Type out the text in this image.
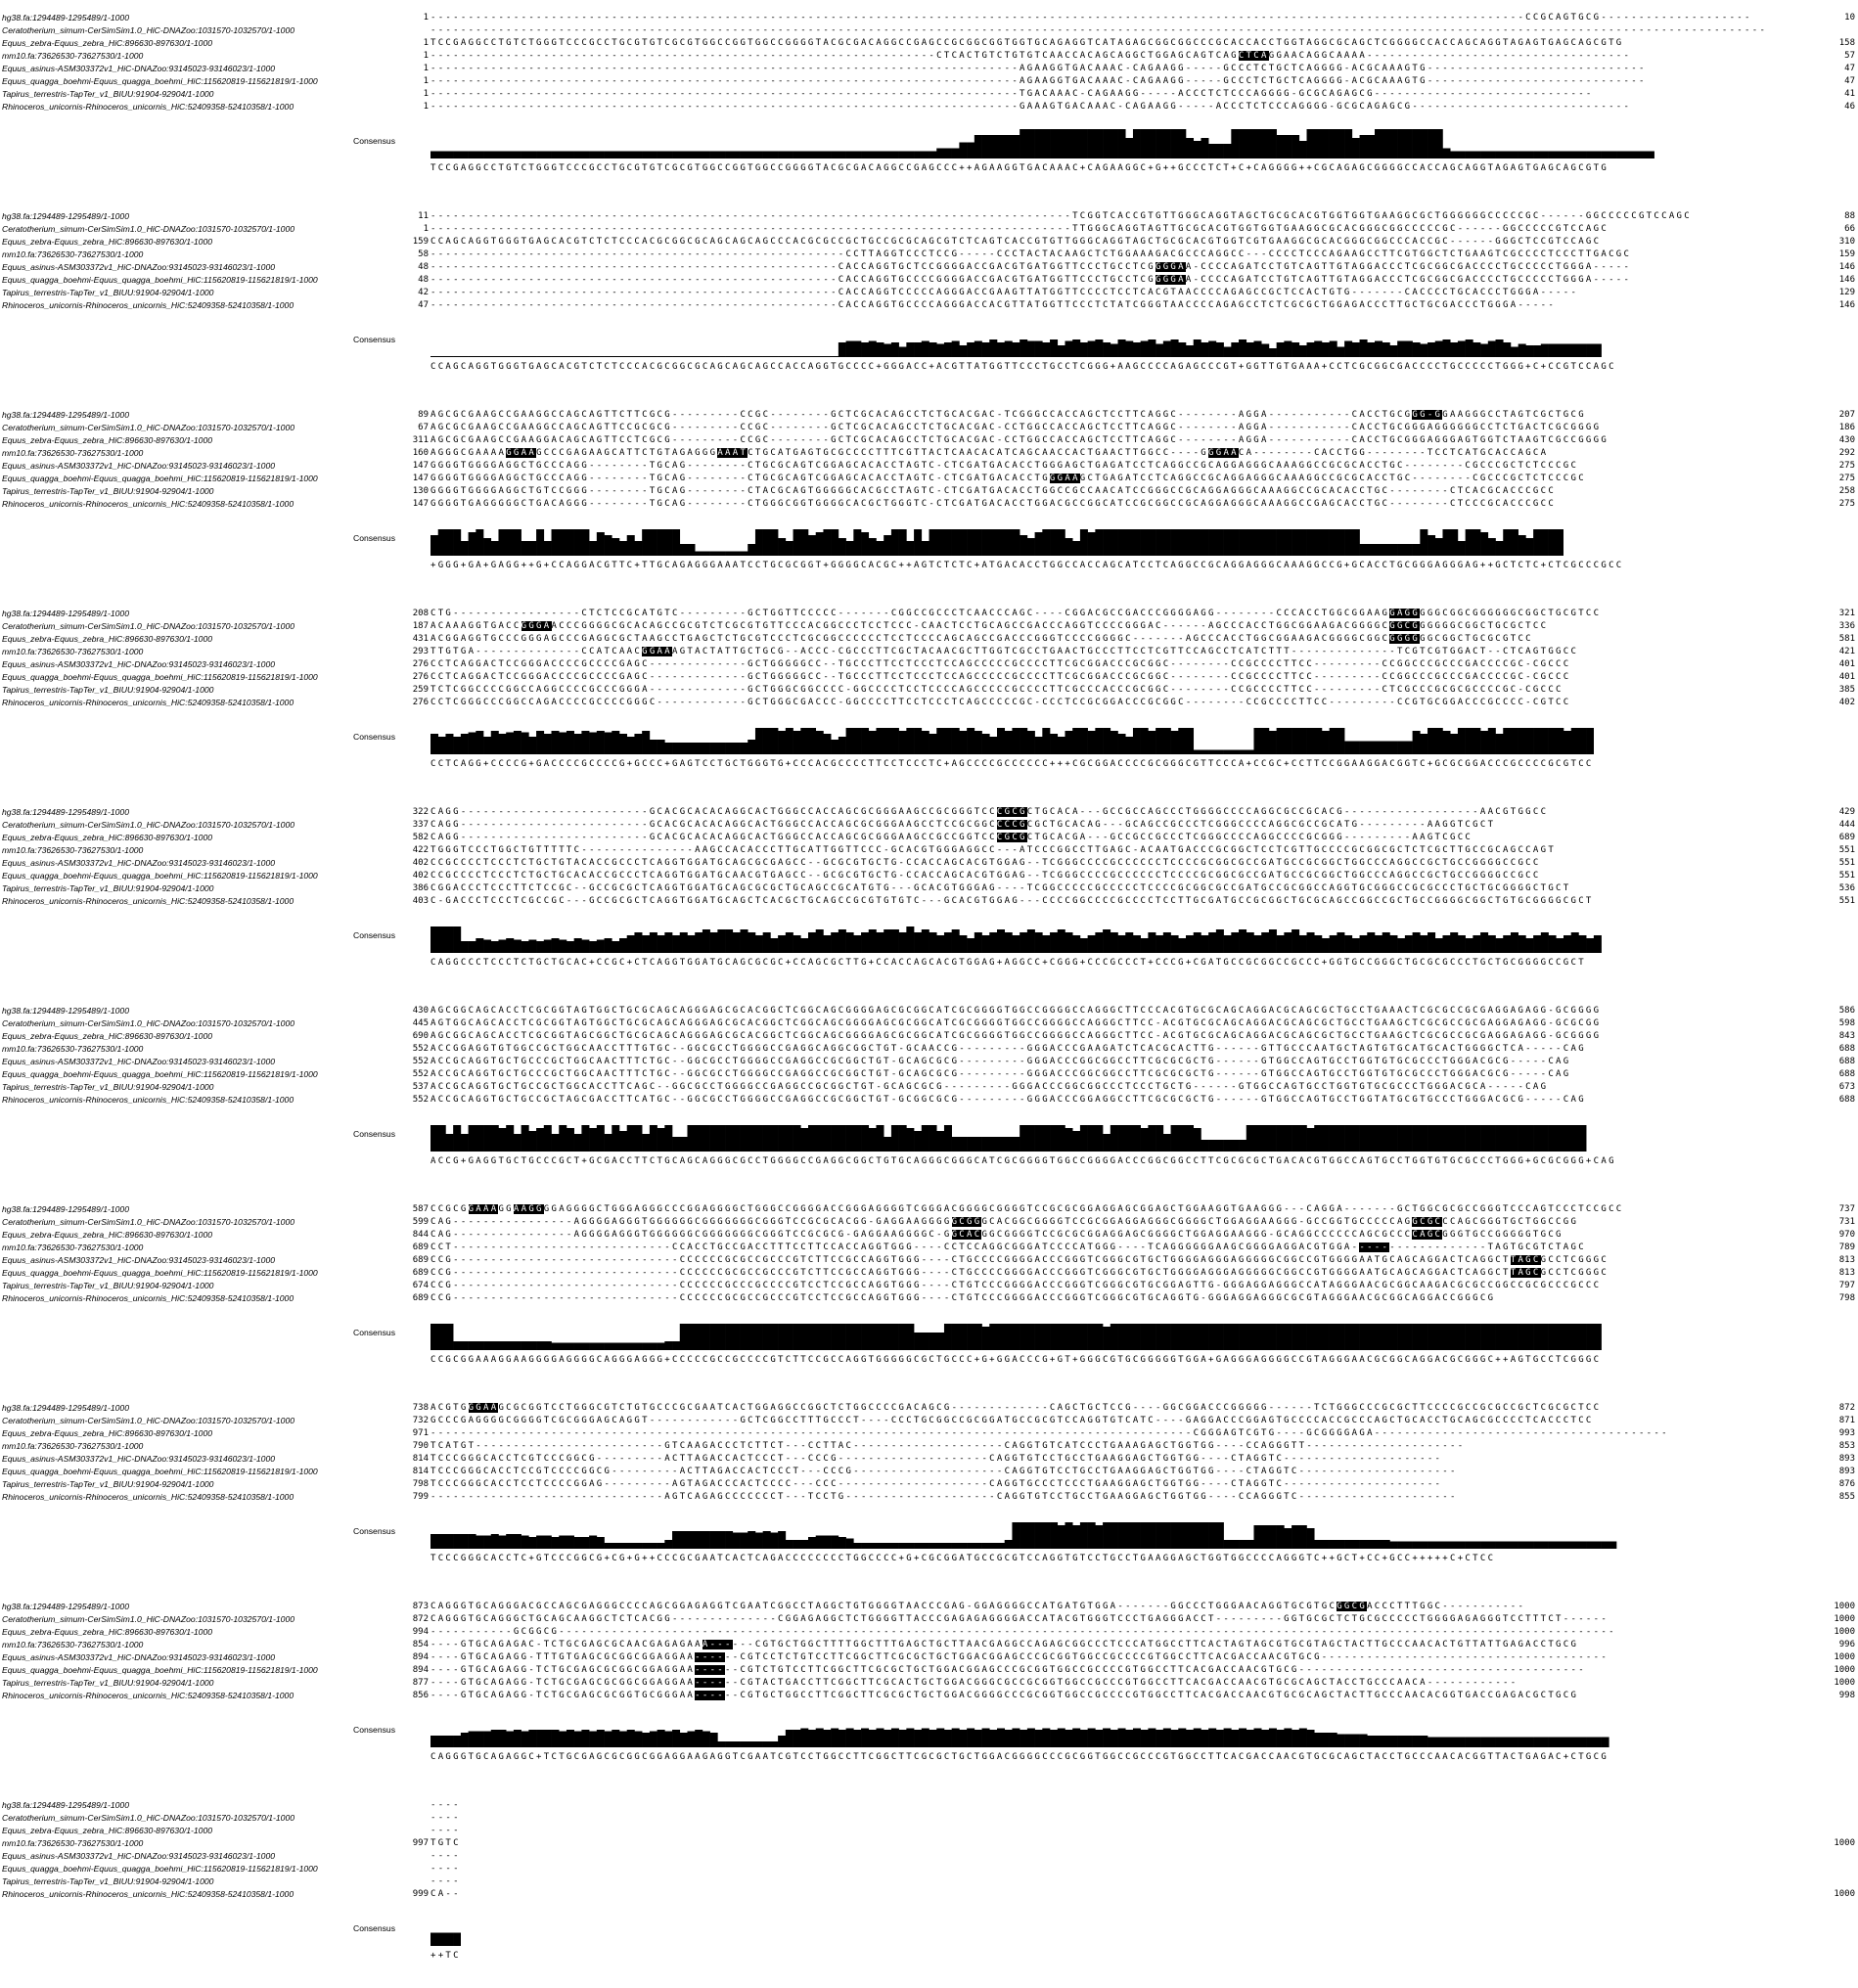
hg38.fa:1294489-1295489/1-1000	1 -------------------------------------------------------------------------------------------------------------------------------------------------CCGCAGTGCG--------------------	10
Ceratotherium_simum-CerSimSim1.0_HiC-DNAZoo:1031570-1032570/1-1000	---------------------------------------------------------------------------------------------------------------------------------------------------------------------------------
Equus_zebra-Equus_zebra_HiC:896630-897630/1-1000	1 TCCGAGGCCTGTCTGGGTCCCGCCTGCGTGTCGCGTGGCCGGTGGCCGGGGTACGCGACAGGCCGAGCCGCGGCGGTGGTGCAGAGGTCATAGAGCGGCGGCCCGCACCACCTGGTAGGCGCAGCTCGGGGCCACCAGCAGGTAGAGTGAGCAGCGTG	158
mm10.fa:73626530-73627530/1-1000	1 -------------------------------------------------------------------CTCACTGTCTGTGTCAACCACAGCAGGCTGGAGCAGTCAGCTCAGGAACAGGCAAAA-----------------------------------	57
Equus_asinus-ASM303372v1_HiC-DNAZoo:93145023-93146023/1-1000	1 ------------------------------------------------------------------------------AGAAGGTGACAAAC-CAGAAGG-----GCCCTCTGCTCAGGGG-ACGCAAAGTG-----------------------------	47
Equus_quagga_boehmi-Equus_quagga_boehmi_HiC:115620819-115621819/1-1000	1 ------------------------------------------------------------------------------AGAAGGTGACAAAC-CAGAAGG-----GCCCTCTGCTCAGGGG-ACGCAAAGTG-----------------------------	47
Tapirus_terrestris-TapTer_v1_BIUU:91904-92904/1-1000	1 ------------------------------------------------------------------------------TGACAAAC-CAGAAGG-----ACCCTCTCCCAGGGG-GCGCAGAGCG-----------------------------	41
Rhinoceros_unicornis-Rhinoceros_unicornis_HiC:52409358-52410358/1-1000	1 ------------------------------------------------------------------------------GAAAGTGACAAAC-CAGAAGG-----ACCCTCTCCCAGGGG-GCGCAGAGCG-----------------------------	46
Consensus
TCCGAGGCCTGTCTGGGTCCCGCCTGCGTGTCGCGTGGCCGGTGGCCGGGGTACGCGACAGGCCGAGCCC++AGAAGGTGACAAAC+CAGAAGGC+G++GCCCTCT+C+CAGGGG++CGCAGAGCGGGGCCACCAGCAGGTAGAGTGAGCAGCGTG
hg38.fa:1294489-1295489/1-1000	11 -------------------------------------------------------------------------------------TCGGTCACCGTGTTGGGCAGGTAGCTGCGCACGTGGTGGTGAAGGCGCTGGGGGGCCCCCGC------GGCCCCCGTCCAGC	88
Ceratotherium_simum-CerSimSim1.0_HiC-DNAZoo:1031570-1032570/1-1000	1 -------------------------------------------------------------------------------------TTGGGCAGGTAGTTGCGCACGTGGTGGTGAAGGCGCACGGGCGGCCCCCGC------GGCCCCCGTCCAGC	66
Equus_zebra-Equus_zebra_HiC:896630-897630/1-1000	159 CCAGCAGGTGGGTGAGCACGTCTCTCCCACGCGGCGCAGCAGCAGCCCACGCGCCGCTGCCGCGCAGCGTCTCAGTCACCGTGTTGGGCAGGTAGCTGCGCACGTGGTCGTGAAGGCGCACGGGCGGCCCACCGC------GGGCTCCGTCCAGC	310
mm10.fa:73626530-73627530/1-1000	58 -------------------------------------------------------CCTTAGGTCCCTCCG-----CCCTACTACAAGCTCTGGAAAGACGCCCAGGCC---CCCCTCCCAGAAGCCTTCGTGGCTCTGAAGTCGCCCCTCCCTTGACGC	159
Equus_asinus-ASM303372v1_HiC-DNAZoo:93145023-93146023/1-1000	48 ------------------------------------------------------CACCAGGTGCTCCGGGGACCGACGTGATGGTTCCCTGCCTCGGGGAA-CCCCAGATCCTGTCAGTTGTAGGACCCTCGCGGCGACCCCTGCCCCCTGGGA-----	146
Equus_quagga_boehmi-Equus_quagga_boehmi_HiC:115620819-115621819/1-1000	48 ------------------------------------------------------CACCAGGTGCCCCGGGGACCGACGTGATGGTTCCCTGCCTCGGGGAA-CCCCAGATCCTGTCAGTTGTAGGACCCTCGCGGCGACCCCTGCCCCCTGGGA-----	146
Tapirus_terrestris-TapTer_v1_BIUU:91904-92904/1-1000	42 ------------------------------------------------------CACCAGGTCCCCCAGGGACCGAAGTTATGGTTCCCCTCCTCACGTAACCCCAGAGCCGCTCCACTGTG-------CACCCCTGCACCCTGGGA-----	129
Rhinoceros_unicornis-Rhinoceros_unicornis_HiC:52409358-52410358/1-1000	47 ------------------------------------------------------CACCAGGTGCCCCAGGGACCACGTTATGGTTCCCTCTATCGGGTAACCCCAGAGCCTCTCGCGCTGGAGACCCTTGCTGCGACCCTGGGA-----	146
Consensus
CCAGCAGGTGGGTGAGCACGTCTCTCCCACGCGGCGCAGCAGCAGCCACCAGGTGCCCC+GGGACC+ACGTTATGGTTCCCTGCCTCGGG+AAGCCCCAGAGCCCGT+GGTTGTGAAA+CCTCGCGGCGACCCCTGCCCCCTGGG+C+CCGTCCAGC
hg38.fa:1294489-1295489/1-1000	89 AGCGCGAAGCCGAAGGCCAGCAGTTCTTCGCG---------CCGC--------GCTCGCACAGCCTCTGCACGAC-TCGGGCCACCAGCTCCTTCAGGC--------AGGA-----------CACCTGCGGG-GGAAGGGCCTAGTCGCTGCG	207
Ceratotherium_simum-CerSimSim1.0_HiC-DNAZoo:1031570-1032570/1-1000	67 AGCGCGAAGCCGAAGGCCAGCAGTTCCGCGCG---------CCGC--------GCTCGCACAGCCTCTGCACGAC-CCTGGCCACCAGCTCCTTCAGGC--------AGGA-----------CACCTGCGGGAGGGGGGCCTCTGACTCGCGGGG	186
Equus_zebra-Equus_zebra_HiC:896630-897630/1-1000	311 AGCGCGAAGCCGAAGGACAGCAGTTCCTCGCG---------CCGC--------GCTCGCACAGCCTCTGCACGAC-CCTGGCCACCAGCTCCTTCAGGC--------AGGA-----------CACCTGCGGGAGGGAGTGGTCTAAGTCGCCGGGG	430
mm10.fa:73626530-73627530/1-1000	160 AGGGCGAAAAGGAAGCCCGAGAAGCATTCTGTAGAGGGAAATCTGCATGAGTGCGCCCCTTTCGTTACTCAACACATCAGCAACCACTGAACTTGGCC----GGGAACA--------CACCTGG--------TCCTCATGCACCAGCA	292
Equus_asinus-ASM303372v1_HiC-DNAZoo:93145023-93146023/1-1000	147 GGGGTGGGGAGGCTGCCCAGG--------TGCAG--------CTGCGCAGTCGGAGCACACCTAGTC-CTCGATGACACCTGGGAGCTGAGATCCTCAGGCCGCAGGAGGGCAAAGGCCGCGCACCTGC--------CGCCCGCTCTCCCGC	275
Equus_quagga_boehmi-Equus_quagga_boehmi_HiC:115620819-115621819/1-1000	147 GGGGTGGGGAGGCTGCCCAGG--------TGCAG--------CTGCGCAGTCGGAGCACACCTAGTC-CTCGATGACACCTGGGAAGCTGAGATCCTCAGGCCGCAGGAGGGCAAAGGCCGCGCACCTGC--------CGCCCGCTCTCCCGC	275
Tapirus_terrestris-TapTer_v1_BIUU:91904-92904/1-1000	130 GGGGTGGGGAGGCTGTCCGGG--------TGCAG--------CTACGCAGTGGGGGCACGCCTAGTC-CTCGATGACACCTGGCCGCCAACATCCGGGCCGCAGGAGGGCAAAGGCCGCACACCTGC--------CTCACGCACCCGCC	258
Rhinoceros_unicornis-Rhinoceros_unicornis_HiC:52409358-52410358/1-1000	147 GGGGTGAGGGGGCTGACAGGG--------TGCAG--------CTGGGCGGTGGGGCACGCTGGGTC-CTCGATGACACCTGGACGCCGGCATCCGCGGCCGCAGGAGGGCAAAGGCCGAGCACCTGC--------CTCCCGCACCCGCC	275
Consensus
+GGG+GA+GAGG++G+CCAGGACGTTC+TTGCAGAGGGAAATCCTGCGCGGT+GGGGCACGC++AGTCTCTC+ATGACACCTGGCCACCAGCATCCTCAGGCCGCAGGAGGGCAAAGGCCG+GCACCTGCGGGAGGGAG++GCTCTC+CTCGCCCGCC
hg38.fa:1294489-1295489/1-1000	208 CTG-----------------CTCTCCGCATGTC---------GCTGGTTCCCCC-------CGGCCGCCCTCAACCCAGC----CGGACGCCGACCCGGGGAGG--------CCCACCTGGCGGAAGGAGGGGGCGGCGGGGGGCGGCTGCGTCC	321
Ceratotherium_simum-CerSimSim1.0_HiC-DNAZoo:1031570-1032570/1-1000	187 ACAAAGGTGACCGGGAACCCGGGGCGCACAGCCGCGTCTCGCGTGTTCCCACGGCCCTCCTCCC-CAACTCCTGCAGCCGACCCAGGTCCCCGGGAC------AGCCCACCTGGCGGAAGACGGGGCGGCGGGGGGCGGCTGCGCTCC	336
Equus_zebra-Equus_zebra_HiC:896630-897630/1-1000	431 ACGGAGGTGCCCGGGAGCCCGAGGCGCTAAGCCTGAGCTCTGCGTCCCTCGCGGCCCCCCTCCTCCCCAGCAGCCGACCCGGGTCCCCGGGGC-------AGCCCACCTGGCGGAAGACGGGGCGGCGGGGGGCGGCTGCGCGTCC	581
mm10.fa:73626530-73627530/1-1000	293 TTGTGA--------------CCATCAACGGAAAGTACTATTGCTGCG--ACCC-CGCCCTTCGCTACAACGCTTGGTCGCCTGAACTGCCCTTCCTCGTTCCAGCCTCATCTTT--------------TCGTCGTGGACT--CTCAGTGGCC	421
Equus_asinus-ASM303372v1_HiC-DNAZoo:93145023-93146023/1-1000	276 CCTCAGGACTCCGGGACCCCGCCCCGAGC-------------GCTGGGGGCC--TGCCCTTCCTCCCTCCAGCCCCCGCCCCTTCGCGGACCCGCGGC--------CCGCCCCTTCC---------CCGGCCCGCCCGACCCCGC-CGCCC	401
Equus_quagga_boehmi-Equus_quagga_boehmi_HiC:115620819-115621819/1-1000	276 CCTCAGGACTCCGGGACCCCGCCCCGAGC-------------GCTGGGGGCC--TGCCCTTCCTCCCTCCAGCCCCCGCCCCTTCGCGGACCCGCGGC--------CCGCCCCTTCC---------CCGGCCCGCCCGACCCCGC-CGCCC	401
Tapirus_terrestris-TapTer_v1_BIUU:91904-92904/1-1000	259 TCTCGGCCCCGGCCAGGCCCCGCCCGGGA-------------GCTGGGCGGCCCC-GGCCCCTCCTCCCCAGCCCCCGCCCCTTCGCCCACCCGCGGC--------CCGCCCCTTCC---------CTCGCCCGCGCGCCCCGC-CGCCC	385
Rhinoceros_unicornis-Rhinoceros_unicornis_HiC:52409358-52410358/1-1000	276 CCTCGGGCCCGGCCAGACCCCGCCCCGGGC------------GCTGGGCGACCC-GGCCCCTTCCTCCCTCAGCCCCCGC-CCCTCCGCGGACCCGCGGC--------CCGCCCCTTCC---------CCGTGCGGACCCGCCCC-CGTCC	402
Consensus
CCTCAGG+CCCCG+GACCCCGCCCCG+GCCC+GAGTCCTGCTGGGTG+CCCACGCCCCTTCCTCCCTC+AGCCCCGCCCCCC+++CGCGGACCCCGCGGGCGTTCCCA+CCGC+CCTTCCGGAAGGACGGTC+GCGCGGACCCGCCCCGCGTCC
hg38.fa:1294489-1295489/1-1000	322 CAGG-------------------------GCACGCACACAGGCACTGGGCCACCAGCGCGGGAAGCCGCGGGTCCCGCGCTGCACA---GCCGCCAGCCCTGGGGCCCCAGGCGCCGCACG------------------AACGTGGCC	429
Ceratotherium_simum-CerSimSim1.0_HiC-DNAZoo:1031570-1032570/1-1000	337 CAGG-------------------------GCACGCACACAGGCACTGGGCCACCAGCGCGGGAAGCCTCCGCGGCCCCGCGCTGCACAG---GCAGCCGCCCTCGGGCCCCAGGCGCCGCATG---------AAGGTCGCT	444
Equus_zebra-Equus_zebra_HiC:896630-897630/1-1000	582 CAGG-------------------------GCACGCACACAGGCACTGGGCCACCAGCGCGGGAAGCCGCCGGTCCCGCGCTGCACGA---GCCGCCGCCCTCGGGCCCCAGGCCCCGCGGG---------AAGTCGCC	689
mm10.fa:73626530-73627530/1-1000	422 TGGGTCCCTGGCTGTTTTTC---------------AAGCCACACCCTTGCATTGGTTCCC-GCACGTGGGAGGCC---ATCCCGGCCTTGAGC-ACAATGACCCGCGGCTCCTCGTTGCCCCGCGGCGCTCTCGCTTGCCGCAGCCAGT	551
Equus_asinus-ASM303372v1_HiC-DNAZoo:93145023-93146023/1-1000	402 CCGCCCCTCCCTCTGCTGTACACCGCCCTCAGGTGGATGCAGCGCGAGCC--GCGCGTGCTG-CCACCAGCACGTGGAG--TCGGGCCCCGCCCCCCTCCCCGCGGCGCCGATGCCGCGGCTGGCCCAGGCCGCTGCCGGGGCCGCC	551
Equus_quagga_boehmi-Equus_quagga_boehmi_HiC:115620819-115621819/1-1000	402 CCGCCCCTCCCTCTGCTGCACACCGCCCTCAGGTGGATGCAACGTGAGCC--GCGCGTGCTG-CCACCAGCACGTGGAG--TCGGGCCCCGCCCCCCTCCCCGCGGCGCCGATGCCGCGGCTGGCCCAGGCCGCTGCCGGGGCCGCC	551
Tapirus_terrestris-TapTer_v1_BIUU:91904-92904/1-1000	386 CGGACCCTCCCTTCTCCGC--GCCGCGCTCAGGTGGATGCAGCGCGCTGCAGCCGCATGTG---GCACGTGGGAG----TCGGCCCCCGCCCCCTCCCCGCGGCGCCGATGCCGCGGCCAGGTGCGGGCCGCGCCCTGCTGCGGGGCTGCT	536
Rhinoceros_unicornis-Rhinoceros_unicornis_HiC:52409358-52410358/1-1000	403 C-GACCCTCCCTCGCCGC---GCCGCGCTCAGGTGGATGCAGCTCACGCTGCAGCCGCGTGTGTC---GCACGTGGAG---CCCCGGCCCCGCCCCTCCTTGCGATGCCGCGGCTGCGCAGCCGGCCGCTGCCGGGGCGGCTGTGCGGGGCGCT	551
Consensus
CAGGCCCTCCCTCTGCTGCAC+CCGC+CTCAGGTGGATGCAGCGCGC+CCAGCGCTTG+CCACCAGCACGTGGAG+AGGCC+CGGG+CCCGCCCT+CCCG+CGATGCCGCGGCCGCCC+GGTGCCGGGCTGCGCGCCCTGCTGCGGGGCCGCT
hg38.fa:1294489-1295489/1-1000	430 AGCGGCAGCACCTCGCGGTAGTGGCTGCGCAGCAGGGAGCGCACGGCTCGGCAGCGGGGAGCGCGGCATCGCGGGGTGGCCGGGGCCAGGGCTTCCCACGTGCGCAGCAGGACGCAGCGCTGCCTGAAACTCGCGCCGCGAGGAGAGG-GCGGGG	586
Ceratotherium_simum-CerSimSim1.0_HiC-DNAZoo:1031570-1032570/1-1000	445 AGTGGCAGCACCTCGCGGTAGTGGCTGCGCAGCAGGGAGCGCACGGCTCGGCAGCGGGGAGCGCGGCATCGCGGGGTGGCCGGGGCCAGGGCTTCC-ACGTGCGCAGCAGGACGCAGCGCTGCCTGAAGCTCGCGCCGCGAGGAGAGG-GCGCGG	598
Equus_zebra-Equus_zebra_HiC:896630-897630/1-1000	690 AGCGGCAGCACCTCGCGGTAGCGGCTGCGCAGCAGGGAGCGCACGGCTCGGCAGCGGGGAGCGCGGCATCGCGGGGTGGCCGGGGCCAGGGCTTCC-ACGTGCGCAGCAGGACGCAGCGCTGCCTGAAGCTCGCGCCGCGAGGAGAGG-GCGGGG	843
mm10.fa:73626530-73627530/1-1000	552 ACCGGAGGTGTGGCCGCTGGCAACCTTTGTGC--GGCGCCTGGGGCCGAGGCAGGCGGCTGT-GCAACCG---------GGGACCCGAAGATCTCACGCACTTG------GTTGCCCAATGCTAGTGTGCATGCACTGGGGCTCA-----CAG	688
Equus_asinus-ASM303372v1_HiC-DNAZoo:93145023-93146023/1-1000	552 ACCGCAGGTGCTGCCCGCTGGCAACTTTCTGC--GGCGCCTGGGGCCGAGGCCGCGGCTGT-GCAGCGCG---------GGGACCCGGCGGCCTTCGCGCGCTG------GTGGCCAGTGCCTGGTGTGCGCCCTGGGACGCG-----CAG	688
Equus_quagga_boehmi-Equus_quagga_boehmi_HiC:115620819-115621819/1-1000	552 ACCGCAGGTGCTGCCCGCTGGCAACTTTCTGC--GGCGCCTGGGGCCGAGGCCGCGGCTGT-GCAGCGCG---------GGGACCCGGCGGCCTTCGCGCGCTG------GTGGCCAGTGCCTGGTGTGCGCCCTGGGACGCG-----CAG	688
Tapirus_terrestris-TapTer_v1_BIUU:91904-92904/1-1000	537 ACCGCAGGTGCTGCCGCTGGCACCTTCAGC--GGCGCCTGGGGCCGAGGCCGCGGCTGT-GCAGCGCG---------GGGACCCGGCGGCCCTCCCTGCTG------GTGGCCAGTGCCTGGTGTGCGCCCTGGGACGCA-----CAG	673
Rhinoceros_unicornis-Rhinoceros_unicornis_HiC:52409358-52410358/1-1000	552 ACCGCAGGTGCTGCCGCTAGCGACCTTCATGC--GGCGCCTGGGGCCGAGGCCGCGGCTGT-GCGGCGCG---------GGGACCCGGAGGCCTTCGCGCGCTG------GTGGCCAGTGCCTGGTATGCGTGCCCTGGGACGCG-----CAG	688
Consensus
ACCG+GAGGTGCTGCCCGCT+GCGACCTTCTGCAGCAGGGCGCCTGGGGCCGAGGCGGCTGTGCAGGGCGGGCATCGCGGGGTGGCCGGGGACCCGGCGGCCTTCGCGCGCTGACACGTGGCCAGTGCCTGGTGTGCGCCCTGGG+GCGCGGG+CAG
hg38.fa:1294489-1295489/1-1000	587 CCGCGGAAAGGAAGGGGAGGGGCTGGGAGGGCCCGGAGGGGCTGGGCCGGGGACCGGGAGGGGTCGGGACGGGGCGGGGTCCGCGCGGAGGAGCGGAGCTGGAAGGTGAAGGG---CAGGA-------GCTGGCGCGCCGGGTCCCAGTCCCTCCGCC	737
Ceratotherium_simum-CerSimSim1.0_HiC-DNAZoo:1031570-1032570/1-1000	599 CAG----------------AGGGGAGGGTGGGGGGCGGGGGGGCGGGTCCGCGCACGG-GAGGAAGGGGGCGGGCACGGCGGGGTCCGCGGAGGAGGGCGGGGCTGGAGGAAGGG-GCCGGTGCCCCCAGGCGCCCAGCGGGTGCTGGCCGG	731
Equus_zebra-Equus_zebra_HiC:896630-897630/1-1000	844 CAG----------------AGGGGAGGGTGGGGGGCGGGGGGGCGGGTCCGCGCG-GAGGAAGGGGC-GGCACGGCGGGGTCCGCGCGGAGGAGCGGGGCTGGAGGAAGGG-GCAGGCCCCCCAGCGCCCCAGCGGGTGCCGGGGGTGCG	970
mm10.fa:73626530-73627530/1-1000	689 CCT-----------------------------CCACCTGCCGACCTTTCCTTCCACCAGGTGGG----CCTCCAGGCGGGATCCCCATGGG----TCAGGGGGGAAGCGGGGAGGACGTGGA------------------TAGTGCGTCTAGC	789
Equus_asinus-ASM303372v1_HiC-DNAZoo:93145023-93146023/1-1000	689 CCG------------------------------CCCCCCGCGCCGCCCGTCTTCCGCCAGGTGGG----CTGCCCCGGGGACCCGGGTCGGGCGTGCTGGGGAGGGAGGGGGCGGCCGTGGGGAATGCAGCAGGACTCAGGCTTAGCGCCTCGGGC	813
Equus_quagga_boehmi-Equus_quagga_boehmi_HiC:115620819-115621819/1-1000	689 CCG------------------------------CCCCCCGCGCCGCCCGTCTTCCGCCAGGTGGG----CTGCCCCGGGGACCCGGGTCGGGCGTGCTGGGGAGGGAGGGGGCGGCCGTGGGGAATGCAGCAGGACTCAGGCTTAGCGCCTCGGGC	813
Tapirus_terrestris-TapTer_v1_BIUU:91904-92904/1-1000	674 CCG------------------------------CCCCCCGCCCGCCCCGTCCTCCGCCAGGTGGG----CTGTCCCGGGGACCCGGGTCGGGCGTGCGGAGTTG-GGGAGGAGGGCCATAGGGAACGCGGCAAGACGCGCCGGCCGCGCCCGCCC	797
Rhinoceros_unicornis-Rhinoceros_unicornis_HiC:52409358-52410358/1-1000	689 CCG------------------------------CCCCCCGCGCCGCCCGTCCTCCGCCAGGTGGG----CTGTCCCGGGGACCCGGGTCGGGCGTGCAGGTG-GGGAGGAGGGCGCGTAGGGAACGCGGCAGGACCGGGCG	798
Consensus
CCGCGGAAAGGAAGGGGAGGGGCAGGGAGGG+CCCCCGCCGCCCCGTCTTCCGCCAGGTGGGGGCGCTGCCC+G+GGACCCG+GT+GGGCGTGCGGGGGTGGA+GAGGGAGGGGCCGTAGGGAACGCGGCAGGACGCGGGC++AGTGCCTCGGGC
hg38.fa:1294489-1295489/1-1000	738 ACGTGGGAAGCGCGGTCCTGGGCGTCTGTGCCCGCGAATCACTGGAGGCCGGCTCTGGCCCCGACAGCG-------------CAGCTGCTCCG----GGCGGACCCGGGGG------TCTGGGCCCGCGCTTCCCCGCCGCGCCGCTCGCGCTCC	872
Ceratotherium_simum-CerSimSim1.0_HiC-DNAZoo:1031570-1032570/1-1000	732 GCCCGAGGGGCGGGGTCGCGGGAGCAGGT------------GCTCGGCCTTTGCCCT----CCCTGCGGCCGCGGATGCCGCGTCCAGGTGTCATC----GAGGACCCGGAGTGCCCCACCGCCCAGCTGCACCTGCAGCGCCCCTCACCCTCC	871
Equus_zebra-Equus_zebra_HiC:896630-897630/1-1000	971 -----------------------------------------------------------------------------------------------------CGGGAGTCGTG----GCGGGGAGA---------------------------------------	993
mm10.fa:73626530-73627530/1-1000	790 TCATGT-------------------------GTCAAGACCCTCTTCT---CCTTAC--------------------CAGGTGTCATCCCTGAAAGAGCTGGTGG----CCAGGGTT---------------------	853
Equus_asinus-ASM303372v1_HiC-DNAZoo:93145023-93146023/1-1000	814 TCCCGGGCACCTCGTCCCGGCG---------ACTTAGACCACTCCCT---CCCG--------------------CAGGTGTCCTGCCTGAAGGAGCTGGTGG----CTAGGTC---------------------	893
Equus_quagga_boehmi-Equus_quagga_boehmi_HiC:115620819-115621819/1-1000	814 TCCCGGGCACCTCCGTCCCCGGCG---------ACTTAGACCACTCCCT---CCCG--------------------CAGGTGTCCTGCCTGAAGGAGCTGGTGG----CTAGGTC---------------------	893
Tapirus_terrestris-TapTer_v1_BIUU:91904-92904/1-1000	798 TCCCGGGCACCTCCTCCCCGGAG---------AGTAGACCCACTCCCC---CCC--------------------CAGGTGCCCTCCCTGAAGGAGCTGGTGG----CTAGGTC---------------------	876
Rhinoceros_unicornis-Rhinoceros_unicornis_HiC:52409358-52410358/1-1000	799 -------------------------------AGTCAGAGCCCCCCCT---TCCTG--------------------CAGGTGTCCTGCCTGAAGGAGCTGGTGG----CCAGGGTC---------------------	855
Consensus
TCCCGGGCACCTC+GTCCCGGCG+CG+G++CCCGCGAATCACTCAGACCCCCCCCTGGCCCC+G+CGCGGATGCCGCGTCCAGGTGTCCTGCCTGAAGGAGCTGGTGGCCCCAGGGTC++GCT+CC+GCC+++++C+CTCC
hg38.fa:1294489-1295489/1-1000	873 CAGGGTGCAGGGACGCCAGCGAGGGCCCCAGCGGAGAGGTCGAATCGGCCTAGGCTGTGGGGTAACCCGAG-GGAGGGGCCATGATGTGGA-------GGCCCTGGGAACAGGTGCGTGCGGCGACCCTTTGGC-----------	1000
Ceratotherium_simum-CerSimSim1.0_HiC-DNAZoo:1031570-1032570/1-1000	872 CAGGGTGCAGGGCTGCAGCAAGGCTCTCACGG--------------CGGAGAGGCTCTGGGGTTACCCGAGAGAGGGGACCATACGTGGGTCCCTGAGGGACCT---------GGTGCGCTCTGCGCCCCCTGGGGAGAGGGTCCTTTCT------	1000
Equus_zebra-Equus_zebra_HiC:896630-897630/1-1000	994 -----------GCGGCG--------------------------------------------------------------------------------------------------------------------------------------------	1000
mm10.fa:73626530-73627530/1-1000	854 ----GTGCAGAGAC-TCTGCGAGCGCAACGAGAGAAA------CGTGCTGGCTTTTGGCTTTGAGCTGCTTAACGAGGCCAGAGCGGCCCTCCCATGGCCTTCACTAGTAGCGTGCGTAGCTACTTGCCCAACACTGTTATTGAGACCTGCG	996
Equus_asinus-ASM303372v1_HiC-DNAZoo:93145023-93146023/1-1000	894 ----GTGCAGAGG-TTTGTGAGCGCGGCGGAGGAA------CGTCCTCTGTCCTTCGGCTTCGCGCTGCTGGACGGAGCCCGCGGTGGCCGCCCCGTGGCCTTCACGACCAACGTGCG--------------------------------------	1000
Equus_quagga_boehmi-Equus_quagga_boehmi_HiC:115620819-115621819/1-1000	894 ----GTGCAGAGG-TCTGCGAGCGCGGCGGAGGAA------CGTCTGTCCTTCGGCTTCGCGCTGCTGGACGGAGCCCGCGGTGGCCGCCCCGTGGCCTTCACGACCAACGTGCG--------------------------------------	1000
Tapirus_terrestris-TapTer_v1_BIUU:91904-92904/1-1000	877 ----GTGCAGAGG-TCTGCGAGCGCGGCGGAGGAA------CGTACTGACCTTCGGCTTCGCACTGCTGGACGGGCGCCGCGGTGGCCGCCCGTGGCCTTCACGACCAACGTGCGCAGCTACCTGCCCAACA------------	1000
Rhinoceros_unicornis-Rhinoceros_unicornis_HiC:52409358-52410358/1-1000	856 ----GTGCAGAGG-TCTGCGAGCGCGGTGCGGGAA------CGTGCTGGCCTTCGGCTTCGCGCTGCTGGACGGGGCCCGCGGTGGCCGCCCCGTGGCCTTCACGACCAACGTGCGCAGCTACTTGCCCAACACGGTGACCGAGACGCTGCG	998
Consensus
CAGGGTGCAGAGGC+TCTGCGAGCGCGGCGGAGGAAGAGGTCGAATCGTCCTGGCCTTCGGCTTCGCGCTGCTGGACGGGGCCCGCGGTGGCCGCCCGTGGCCTTCACGACCAACGTGCGCAGCTACCTGCCCAACACGGTTACTGAGAC+CTGCG
hg38.fa:1294489-1295489/1-1000	----
Ceratotherium_simum-CerSimSim1.0_HiC-DNAZoo:1031570-1032570/1-1000	----
Equus_zebra-Equus_zebra_HiC:896630-897630/1-1000	----
mm10.fa:73626530-73627530/1-1000	997 TGTC	1000
Equus_asinus-ASM303372v1_HiC-DNAZoo:93145023-93146023/1-1000	----
Equus_quagga_boehmi-Equus_quagga_boehmi_HiC:115620819-115621819/1-1000	----
Tapirus_terrestris-TapTer_v1_BIUU:91904-92904/1-1000	----
Rhinoceros_unicornis-Rhinoceros_unicornis_HiC:52409358-52410358/1-1000	999 CA--	1000
Consensus
++TC
